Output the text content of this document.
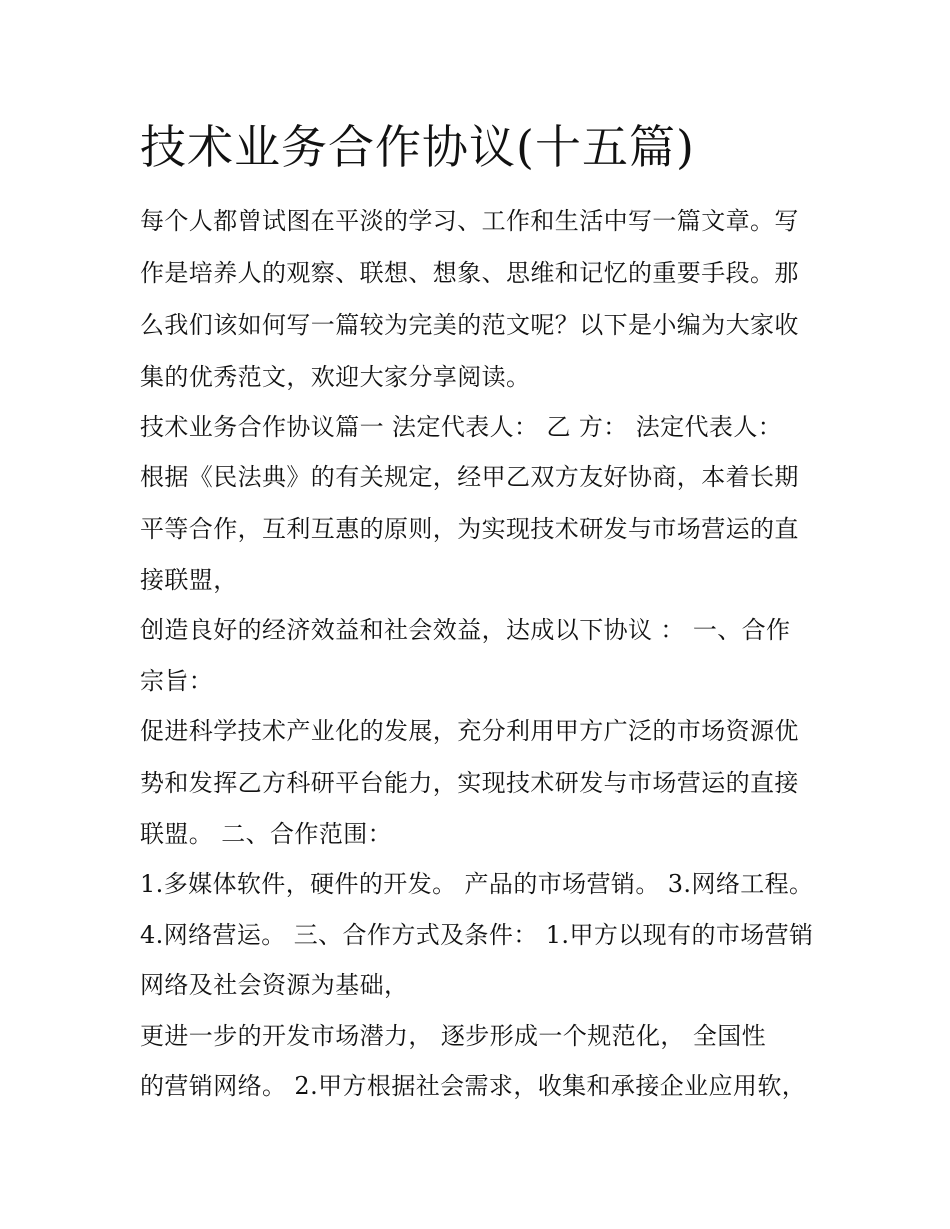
技术业务合作协议(十五篇)

每个人都曾试图在平淡的学习、工作和生活中写一篇文章。写

作是培养人的观察、联想、想象、思维和记忆的重要手段。那

么我们该如何写一篇较为完美的范文呢？以下是小编为大家收

集的优秀范文，欢迎大家分享阅读。

技术业务合作协议篇一 法定代表人： 乙 方： 法定代表人：

根据《民法典》的有关规定，经甲乙双方友好协商，本着长期

平等合作，互利互惠的原则，为实现技术研发与市场营运的直

接联盟，

创造良好的经济效益和社会效益，达成以下协议 ： 一、合作

宗旨：

促进科学技术产业化的发展，充分利用甲方广泛的市场资源优

势和发挥乙方科研平台能力，实现技术研发与市场营运的直接

联盟。 二、合作范围：

1.多媒体软件，硬件的开发。 产品的市场营销。 3.网络工程。

4.网络营运。 三、合作方式及条件： 1.甲方以现有的市场营销

网络及社会资源为基础，

更进一步的开发市场潜力， 逐步形成一个规范化， 全国性

的营销网络。 2.甲方根据社会需求，收集和承接企业应用软，
